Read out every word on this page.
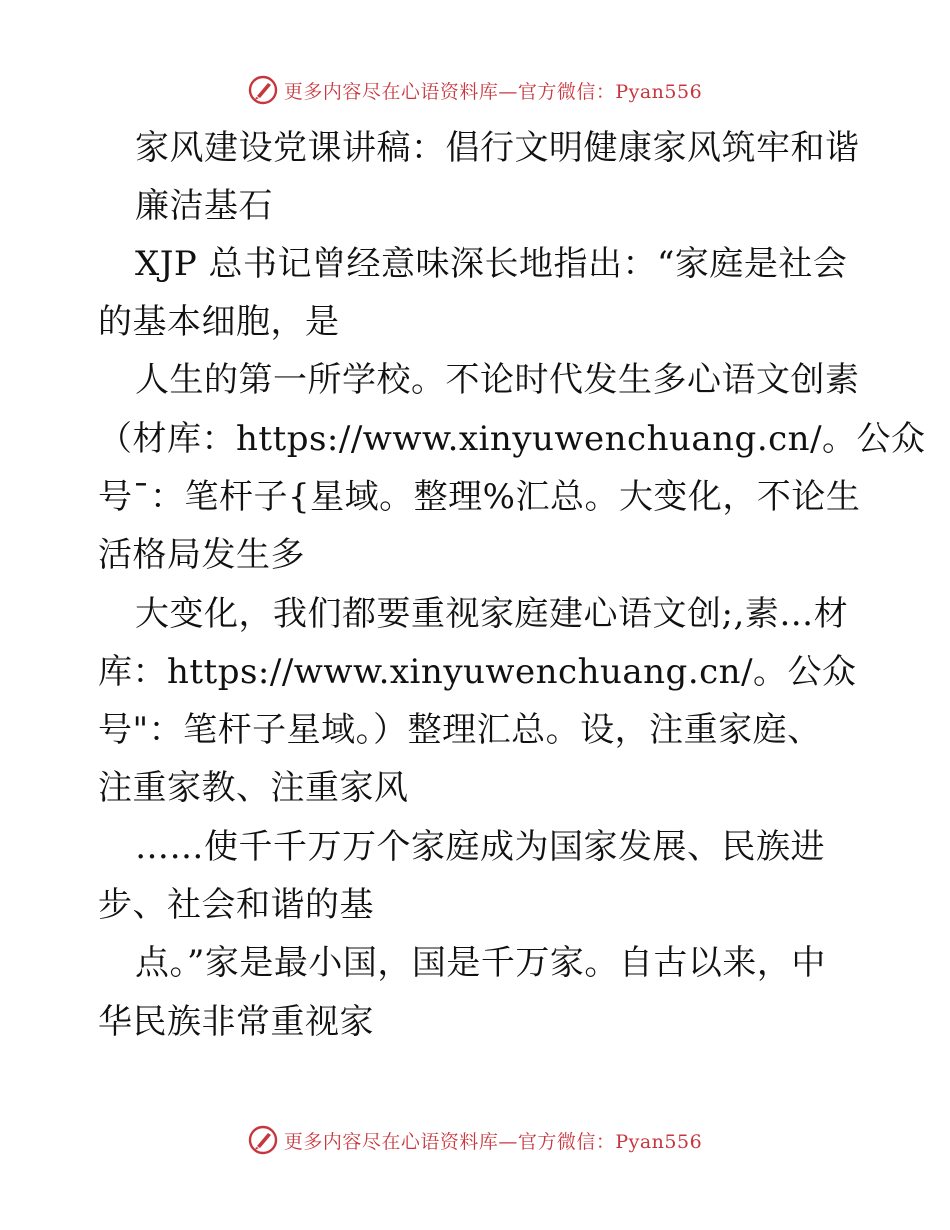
更多内容尽在心语资料库—官方微信：Pyan556
家风建设党课讲稿：倡行文明健康家风筑牢和谐
廉洁基石
XJP 总书记曾经意味深长地指出：“家庭是社会
的基本细胞，是
人生的第一所学校。不论时代发生多心语文创素
（材库：https://www.xinyuwenchuang.cn/。公众
号¯：笔杆子{星域。整理%汇总。大变化，不论生
活格局发生多
大变化，我们都要重视家庭建心语文创;,素…材
库：https://www.xinyuwenchuang.cn/。公众
号"：笔杆子星域。）整理汇总。设，注重家庭、
注重家教、注重家风
……使千千万万个家庭成为国家发展、民族进
步、社会和谐的基
点。”家是最小国，国是千万家。自古以来，中
华民族非常重视家
更多内容尽在心语资料库—官方微信：Pyan556
